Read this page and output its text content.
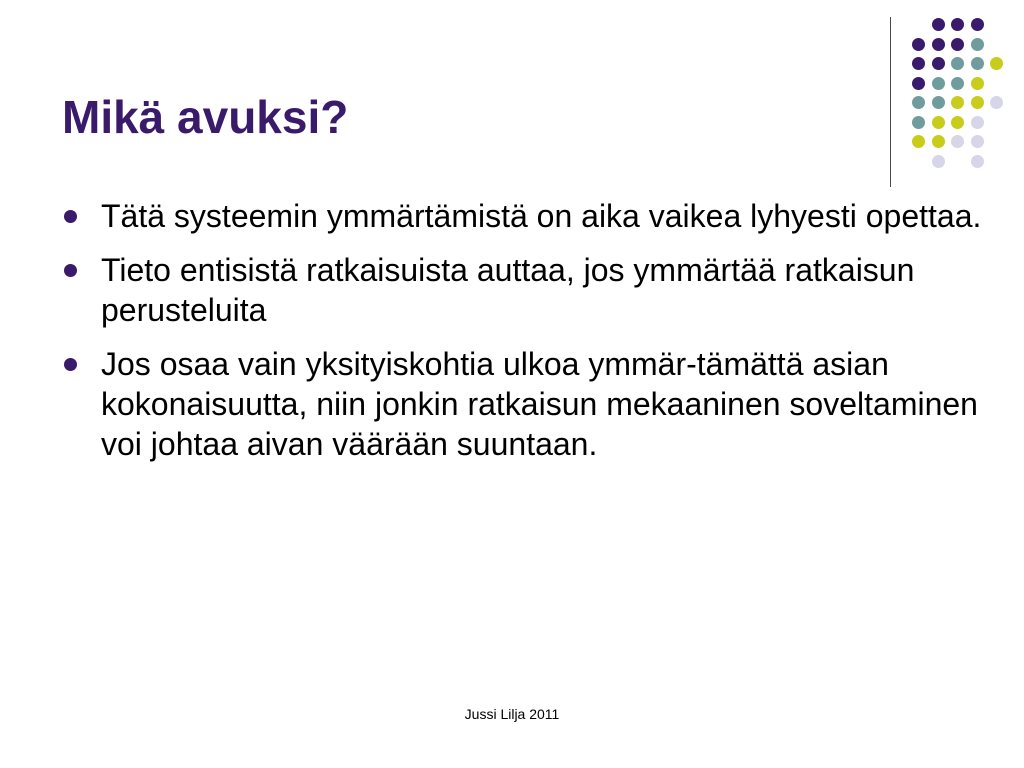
Mikä avuksi?
Tätä systeemin ymmärtämistä on aika vaikea lyhyesti opettaa.
Tieto entisistä ratkaisuista auttaa, jos ymmärtää ratkaisun perusteluita
Jos osaa vain yksityiskohtia ulkoa ymmär-tämättä asian kokonaisuutta, niin jonkin ratkaisun mekaaninen soveltaminen voi johtaa aivan väärään suuntaan.
Jussi Lilja 2011
